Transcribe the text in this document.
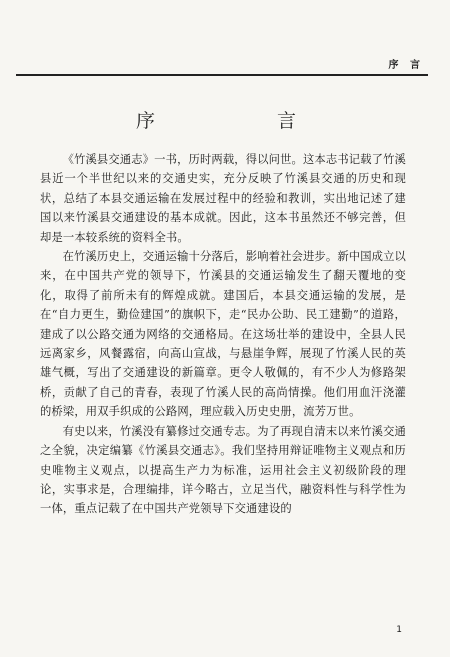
序 言
序 言

《竹溪县交通志》一书，历时两载，得以问世。这本志书记载了竹溪县近一个半世纪以来的交通史实，充分反映了竹溪县交通的历史和现状，总结了本县交通运输在发展过程中的经验和教训，实出地记述了建国以来竹溪县交通建设的基本成就。因此，这本书虽然还不够完善，但却是一本较系统的资料全书。

在竹溪历史上，交通运输十分落后，影响着社会进步。新中国成立以来，在中国共产党的领导下，竹溪县的交通运输发生了翻天覆地的变化，取得了前所未有的辉煌成就。建国后，本县交通运输的发展，是在“自力更生，勤俭建国”的旗帜下，走“民办公助、民工建勤”的道路，建成了以公路交通为网络的交通格局。在这场壮举的建设中，全县人民远离家乡，风餐露宿，向高山宣战，与悬崖争辉，展现了竹溪人民的英雄气概，写出了交通建设的新篇章。更令人敬佩的，有不少人为修路架桥，贡献了自己的青春，表现了竹溪人民的高尚情操。他们用血汗浇灌的桥梁，用双手织成的公路网，理应载入历史史册，流芳万世。

有史以来，竹溪没有纂修过交通专志。为了再现自清末以来竹溪交通之全貌，决定编纂《竹溪县交通志》。我们坚持用辩证唯物主义观点和历史唯物主义观点，以提高生产力为标准，运用社会主义初级阶段的理论，实事求是，合理编排，详今略古，立足当代，融资料性与科学性为一体，重点记载了在中国共产党领导下交通建设的

1
